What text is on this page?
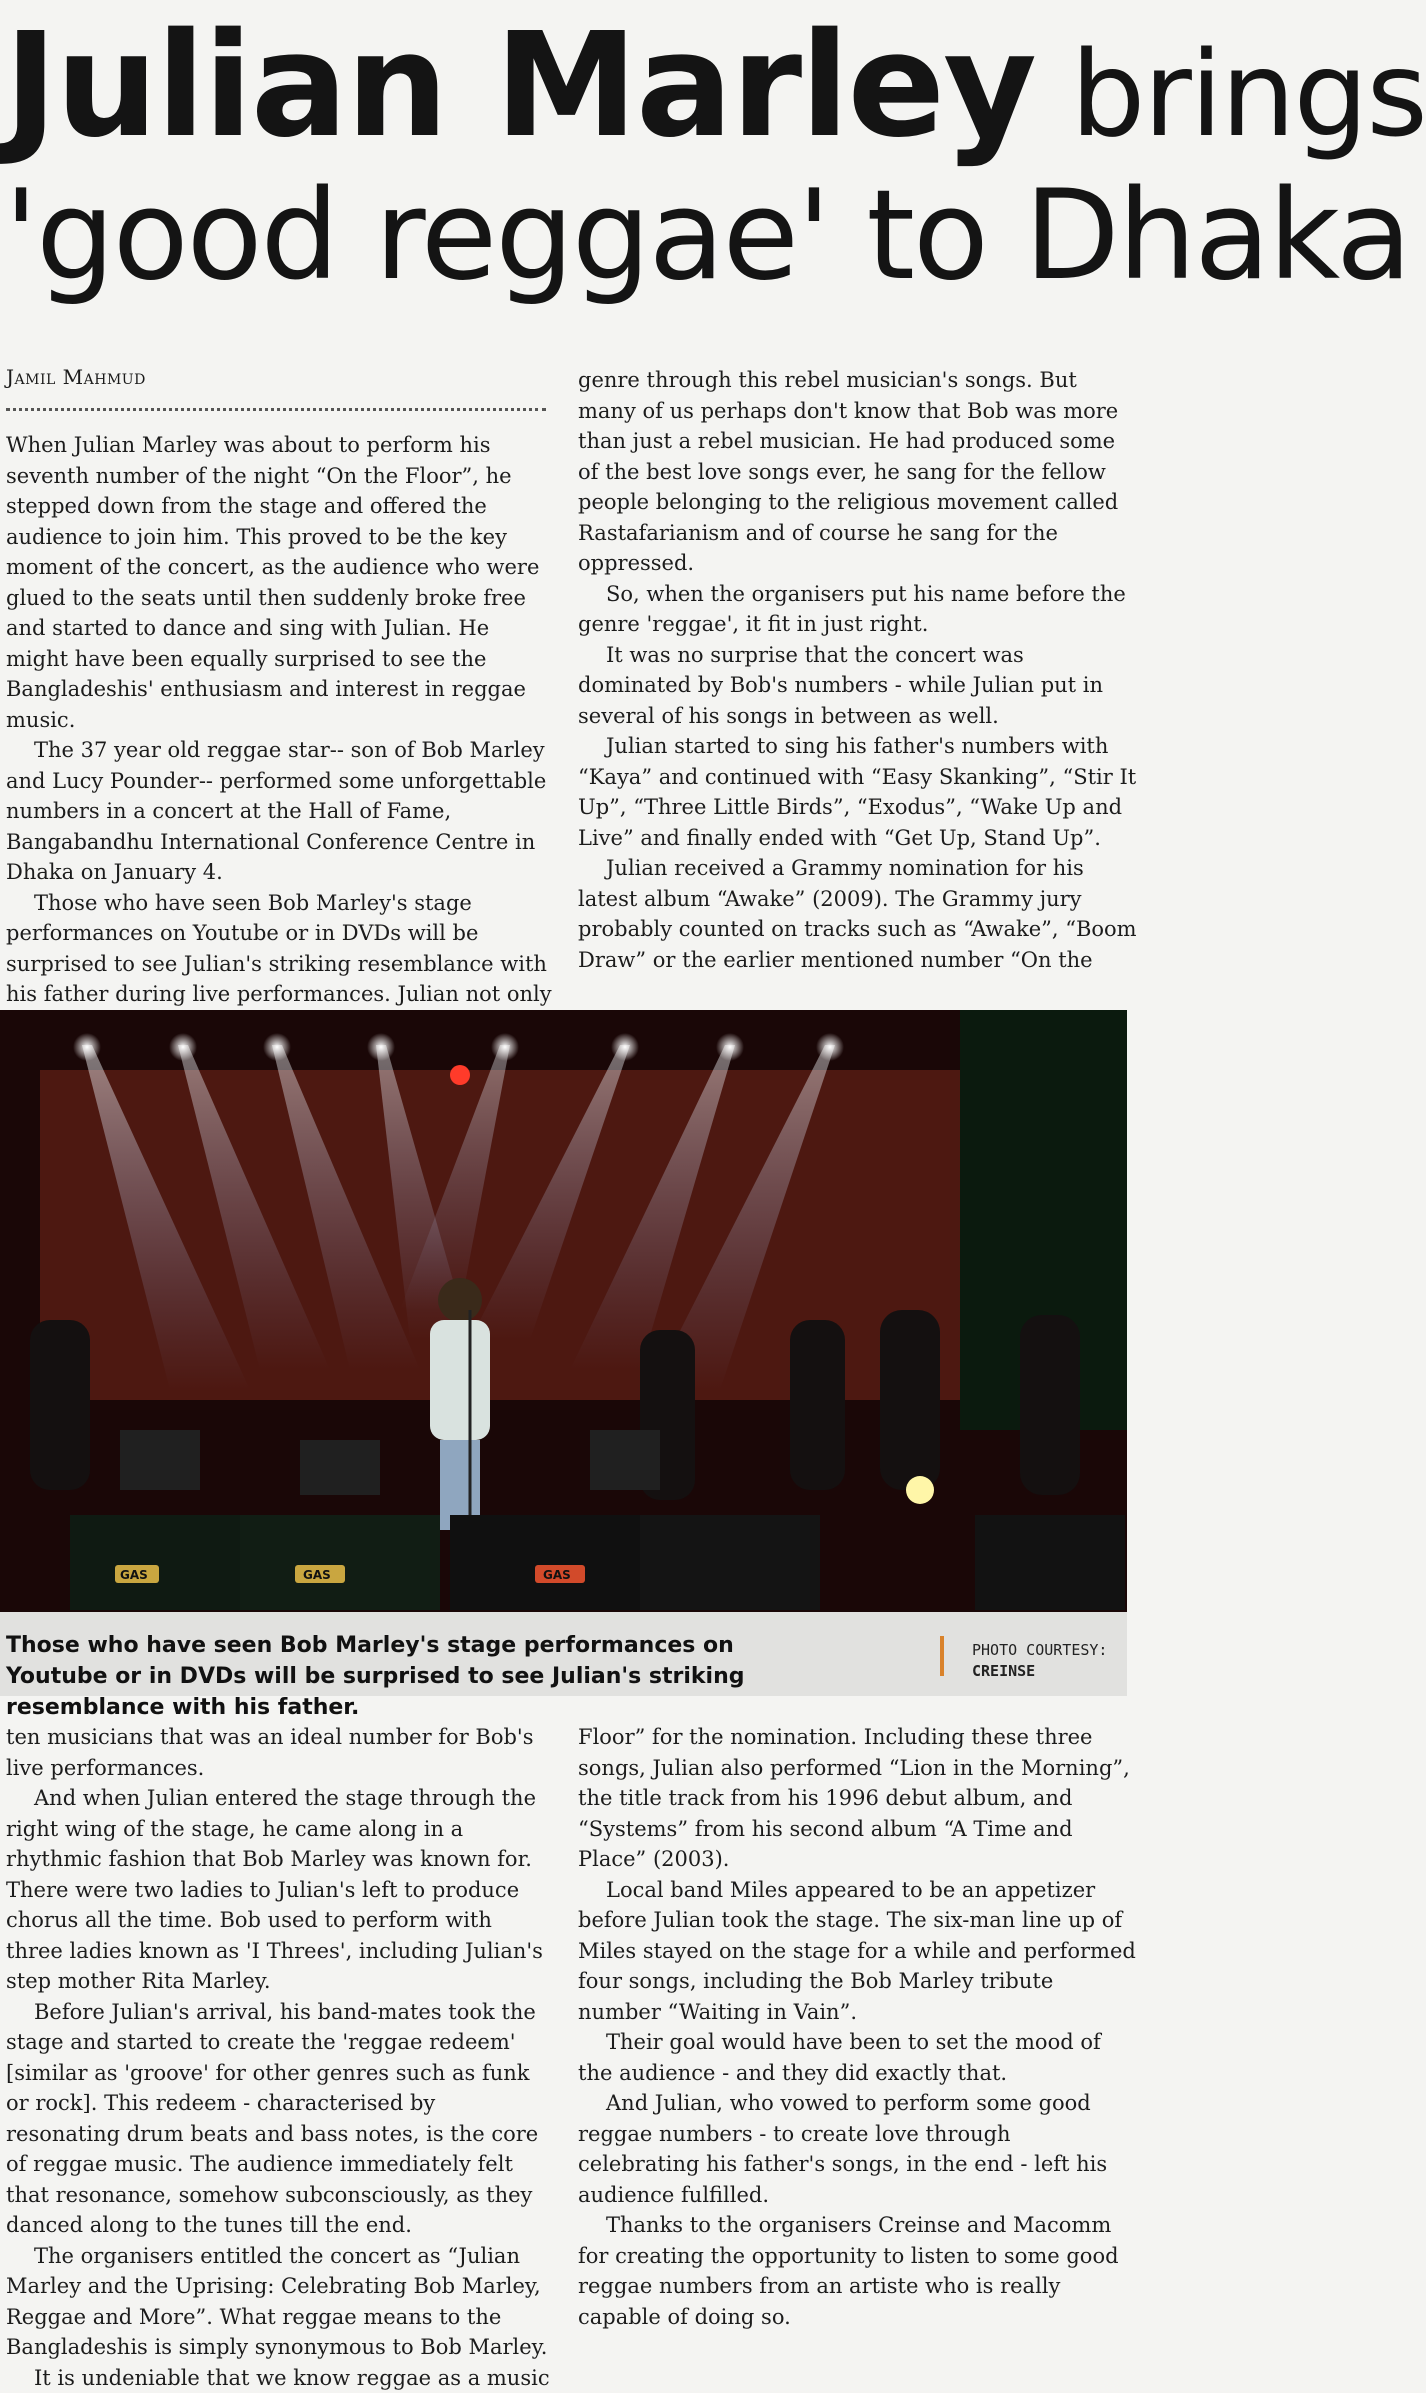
Julian Marley brings
'good reggae' to Dhaka
Jamil Mahmud

When Julian Marley was about to perform his seventh number of the night “On the Floor”, he stepped down from the stage and offered the audience to join him. This proved to be the key moment of the concert, as the audience who were glued to the seats until then suddenly broke free and started to dance and sing with Julian. He might have been equally surprised to see the Bangladeshis' enthusiasm and interest in reggae music.

The 37 year old reggae star-- son of Bob Marley and Lucy Pounder-- performed some unforgettable numbers in a concert at the Hall of Fame, Bangabandhu International Conference Centre in Dhaka on January 4.

Those who have seen Bob Marley's stage performances on Youtube or in DVDs will be surprised to see Julian's striking resemblance with his father during live performances. Julian not only

genre through this rebel musician's songs. But many of us perhaps don't know that Bob was more than just a rebel musician. He had produced some of the best love songs ever, he sang for the fellow people belonging to the religious movement called Rastafarianism and of course he sang for the oppressed.

So, when the organisers put his name before the genre 'reggae', it fit in just right.

It was no surprise that the concert was dominated by Bob's numbers - while Julian put in several of his songs in between as well.

Julian started to sing his father's numbers with “Kaya” and continued with “Easy Skanking”, “Stir It Up”, “Three Little Birds”, “Exodus”, “Wake Up and Live” and finally ended with “Get Up, Stand Up”.

Julian received a Grammy nomination for his latest album “Awake” (2009). The Grammy jury probably counted on tracks such as “Awake”, “Boom Draw” or the earlier mentioned number “On the

GAS	GAS	GAS
Those who have seen Bob Marley's stage performances on Youtube or in DVDs will be surprised to see Julian's striking resemblance with his father.
PHOTO COURTESY:
CREINSE

ten musicians that was an ideal number for Bob's live performances.

And when Julian entered the stage through the right wing of the stage, he came along in a rhythmic fashion that Bob Marley was known for. There were two ladies to Julian's left to produce chorus all the time. Bob used to perform with three ladies known as 'I Threes', including Julian's step mother Rita Marley.

Before Julian's arrival, his band-mates took the stage and started to create the 'reggae redeem' [similar as 'groove' for other genres such as funk or rock]. This redeem - characterised by resonating drum beats and bass notes, is the core of reggae music. The audience immediately felt that resonance, somehow subconsciously, as they danced along to the tunes till the end.

The organisers entitled the concert as “Julian Marley and the Uprising: Celebrating Bob Marley, Reggae and More”. What reggae means to the Bangladeshis is simply synonymous to Bob Marley.

It is undeniable that we know reggae as a music

Floor” for the nomination. Including these three songs, Julian also performed “Lion in the Morning”, the title track from his 1996 debut album, and “Systems” from his second album “A Time and Place” (2003).

Local band Miles appeared to be an appetizer before Julian took the stage. The six-man line up of Miles stayed on the stage for a while and performed four songs, including the Bob Marley tribute number “Waiting in Vain”.

Their goal would have been to set the mood of the audience - and they did exactly that.

And Julian, who vowed to perform some good reggae numbers - to create love through celebrating his father's songs, in the end - left his audience fulfilled.

Thanks to the organisers Creinse and Macomm for creating the opportunity to listen to some good reggae numbers from an artiste who is really capable of doing so.
